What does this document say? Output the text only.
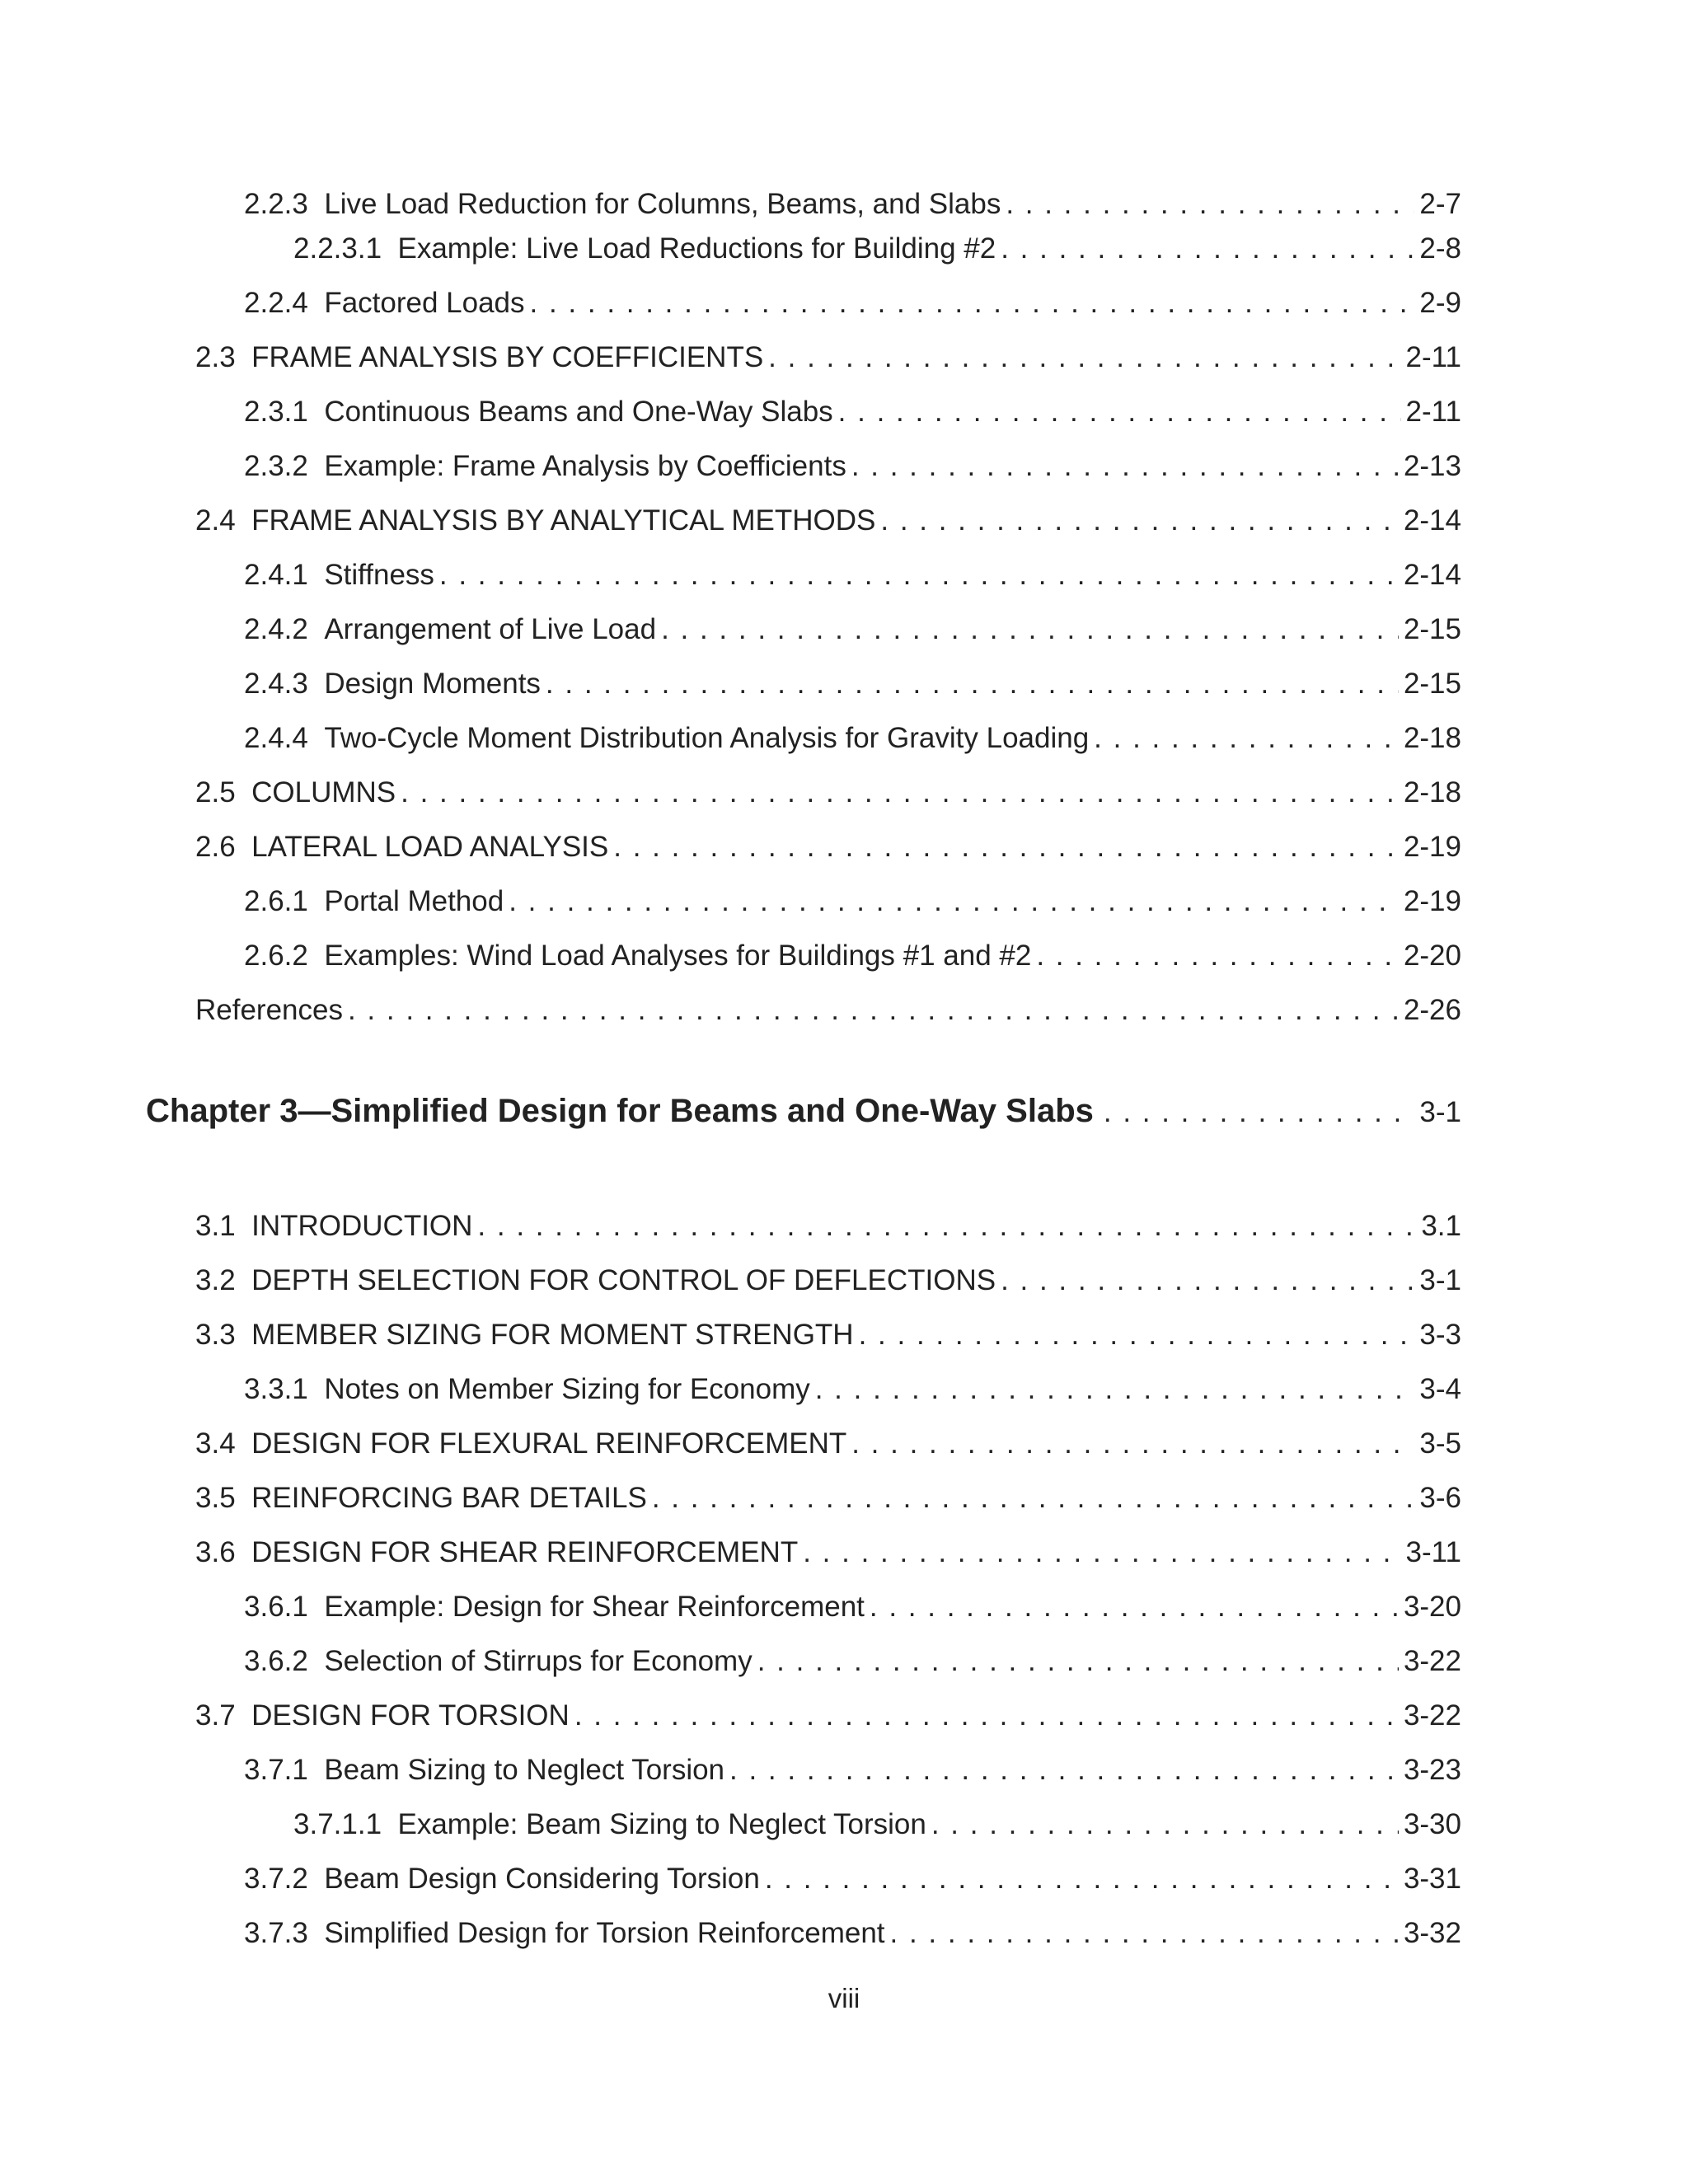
2.2.3 Live Load Reduction for Columns, Beams, and Slabs . . .	2-7
2.2.3.1 Example: Live Load Reductions for Building #2 . . .	2-8
2.2.4 Factored Loads . . .	2-9
2.3 FRAME ANALYSIS BY COEFFICIENTS . . .	2-11
2.3.1 Continuous Beams and One-Way Slabs . . .	2-11
2.3.2 Example: Frame Analysis by Coefficients . . .	2-13
2.4 FRAME ANALYSIS BY ANALYTICAL METHODS . . .	2-14
2.4.1 Stiffness . . .	2-14
2.4.2 Arrangement of Live Load . . .	2-15
2.4.3 Design Moments . . .	2-15
2.4.4 Two-Cycle Moment Distribution Analysis for Gravity Loading . . .	2-18
2.5 COLUMNS . . .	2-18
2.6 LATERAL LOAD ANALYSIS . . .	2-19
2.6.1 Portal Method . . .	2-19
2.6.2 Examples: Wind Load Analyses for Buildings #1 and #2 . . .	2-20
References . . .	2-26
Chapter 3—Simplified Design for Beams and One-Way Slabs . . .	3-1
3.1 INTRODUCTION . . .	3.1
3.2 DEPTH SELECTION FOR CONTROL OF DEFLECTIONS . . .	3-1
3.3 MEMBER SIZING FOR MOMENT STRENGTH . . .	3-3
3.3.1 Notes on Member Sizing for Economy . . .	3-4
3.4 DESIGN FOR FLEXURAL REINFORCEMENT . . .	3-5
3.5 REINFORCING BAR DETAILS . . .	3-6
3.6 DESIGN FOR SHEAR REINFORCEMENT . . .	3-11
3.6.1 Example: Design for Shear Reinforcement . . .	3-20
3.6.2 Selection of Stirrups for Economy . . .	3-22
3.7 DESIGN FOR TORSION . . .	3-22
3.7.1 Beam Sizing to Neglect Torsion . . .	3-23
3.7.1.1 Example: Beam Sizing to Neglect Torsion . . .	3-30
3.7.2 Beam Design Considering Torsion . . .	3-31
3.7.3 Simplified Design for Torsion Reinforcement . . .	3-32
viii
